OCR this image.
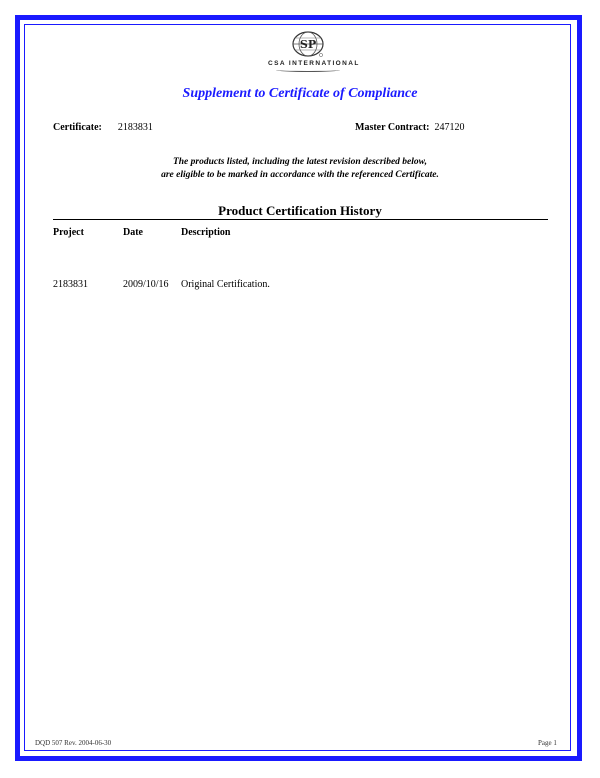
SP
CSA INTERNATIONAL
Supplement to Certificate of Compliance
Certificate: 2183831	Master Contract: 247120
The products listed, including the latest revision described below,
are eligible to be marked in accordance with the referenced Certificate.
Product Certification History
Project	Date	Description
2183831	2009/10/16 Original Certification.
DQD 507 Rev. 2004-06-30	Page 1
